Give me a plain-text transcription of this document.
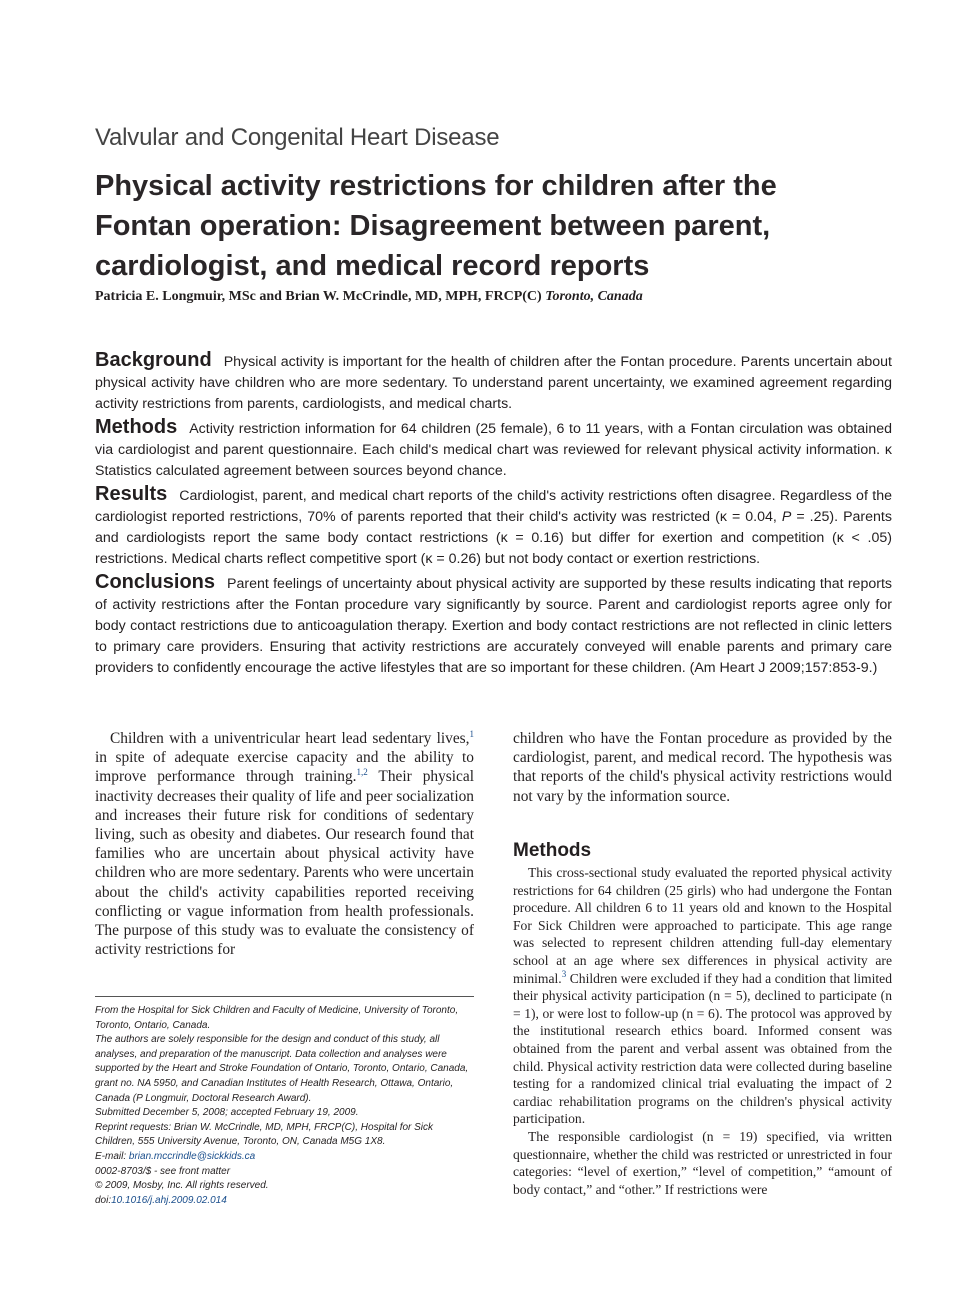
Valvular and Congenital Heart Disease
Physical activity restrictions for children after the Fontan operation: Disagreement between parent, cardiologist, and medical record reports
Patricia E. Longmuir, MSc and Brian W. McCrindle, MD, MPH, FRCP(C) Toronto, Canada

Background Physical activity is important for the health of children after the Fontan procedure. Parents uncertain about physical activity have children who are more sedentary. To understand parent uncertainty, we examined agreement regarding activity restrictions from parents, cardiologists, and medical charts.

Methods Activity restriction information for 64 children (25 female), 6 to 11 years, with a Fontan circulation was obtained via cardiologist and parent questionnaire. Each child's medical chart was reviewed for relevant physical activity information. κ Statistics calculated agreement between sources beyond chance.

Results Cardiologist, parent, and medical chart reports of the child's activity restrictions often disagree. Regardless of the cardiologist reported restrictions, 70% of parents reported that their child's activity was restricted (κ = 0.04, P = .25). Parents and cardiologists report the same body contact restrictions (κ = 0.16) but differ for exertion and competition (κ < .05) restrictions. Medical charts reflect competitive sport (κ = 0.26) but not body contact or exertion restrictions.

Conclusions Parent feelings of uncertainty about physical activity are supported by these results indicating that reports of activity restrictions after the Fontan procedure vary significantly by source. Parent and cardiologist reports agree only for body contact restrictions due to anticoagulation therapy. Exertion and body contact restrictions are not reflected in clinic letters to primary care providers. Ensuring that activity restrictions are accurately conveyed will enable parents and primary care providers to confidently encourage the active lifestyles that are so important for these children. (Am Heart J 2009;157:853-9.)

Children with a univentricular heart lead sedentary lives,$^1$ in spite of adequate exercise capacity and the ability to improve performance through training.$^{1,2}$ Their physical inactivity decreases their quality of life and peer socialization and increases their future risk for conditions of sedentary living, such as obesity and diabetes. Our research found that families who are uncertain about physical activity have children who are more sedentary. Parents who were uncertain about the child's activity capabilities reported receiving conflicting or vague information from health professionals. The purpose of this study was to evaluate the consistency of activity restrictions for

children who have the Fontan procedure as provided by the cardiologist, parent, and medical record. The hypothesis was that reports of the child's physical activity restrictions would not vary by the information source.

Methods

This cross-sectional study evaluated the reported physical activity restrictions for 64 children (25 girls) who had undergone the Fontan procedure. All children 6 to 11 years old and known to the Hospital For Sick Children were approached to participate. This age range was selected to represent children attending full-day elementary school at an age where sex differences in physical activity are minimal.$^3$ Children were excluded if they had a condition that limited their physical activity participation (n = 5), declined to participate (n = 1), or were lost to follow-up (n = 6). The protocol was approved by the institutional research ethics board. Informed consent was obtained from the parent and verbal assent was obtained from the child. Physical activity restriction data were collected during baseline testing for a randomized clinical trial evaluating the impact of 2 cardiac rehabilitation programs on the children's physical activity participation.

The responsible cardiologist (n = 19) specified, via written questionnaire, whether the child was restricted or unrestricted in four categories: “level of exertion,” “level of competition,” “amount of body contact,” and “other.” If restrictions were

From the Hospital for Sick Children and Faculty of Medicine, University of Toronto, Toronto, Ontario, Canada.

The authors are solely responsible for the design and conduct of this study, all analyses, and preparation of the manuscript. Data collection and analyses were supported by the Heart and Stroke Foundation of Ontario, Toronto, Ontario, Canada, grant no. NA 5950, and Canadian Institutes of Health Research, Ottawa, Ontario, Canada (P Longmuir, Doctoral Research Award).

Submitted December 5, 2008; accepted February 19, 2009.

Reprint requests: Brian W. McCrindle, MD, MPH, FRCP(C), Hospital for Sick Children, 555 University Avenue, Toronto, ON, Canada M5G 1X8.

E-mail: brian.mccrindle@sickkids.ca

0002-8703/$ - see front matter

© 2009, Mosby, Inc. All rights reserved.

doi:10.1016/j.ahj.2009.02.014
